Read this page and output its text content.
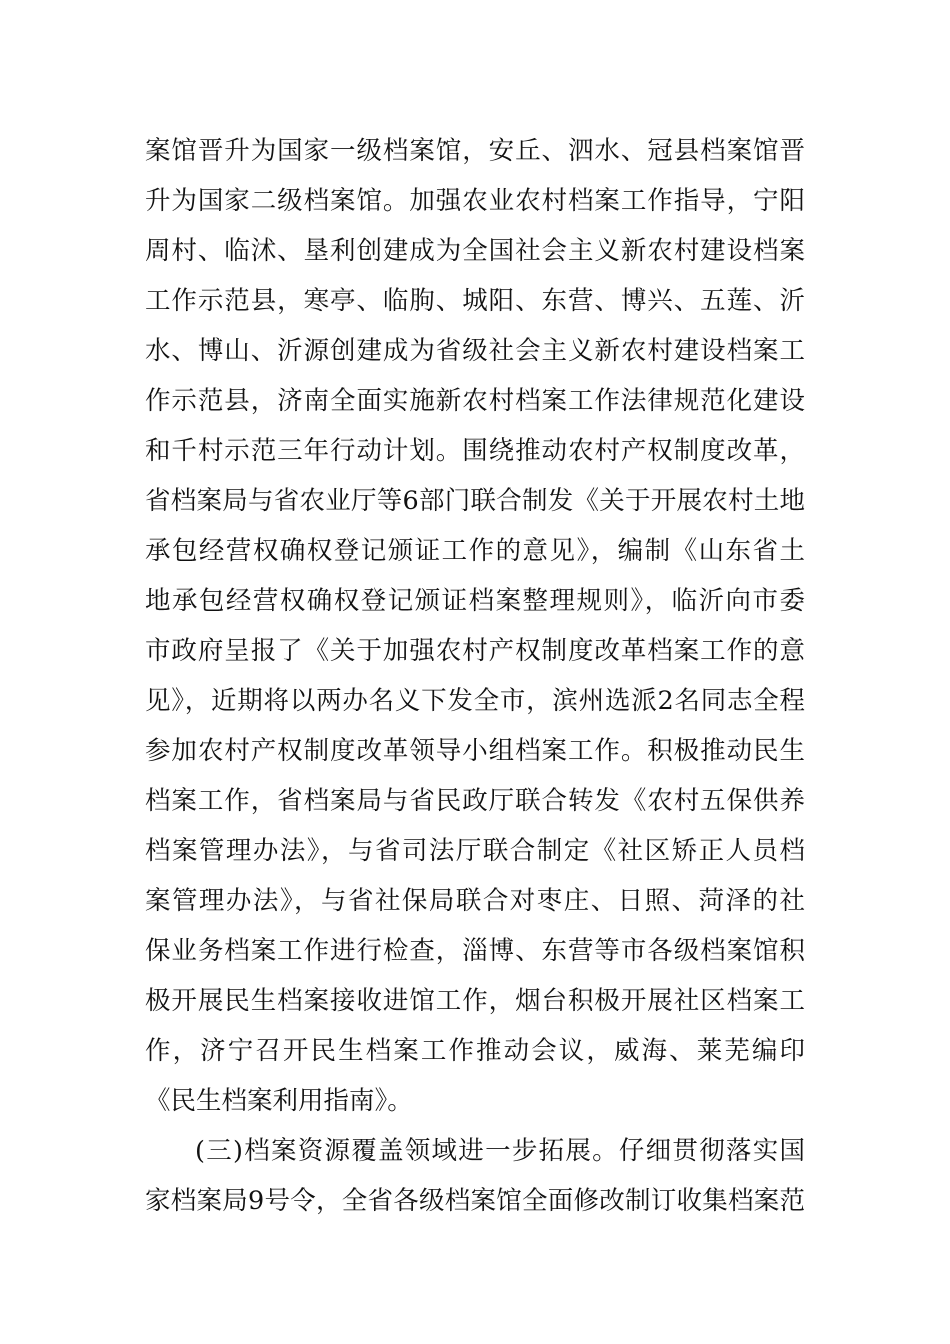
案馆晋升为国家一级档案馆，安丘、泗水、冠县档案馆晋
升为国家二级档案馆。加强农业农村档案工作指导，宁阳
周村、临沭、垦利创建成为全国社会主义新农村建设档案
工作示范县，寒亭、临朐、城阳、东营、博兴、五莲、沂
水、博山、沂源创建成为省级社会主义新农村建设档案工
作示范县，济南全面实施新农村档案工作法律规范化建设
和千村示范三年行动计划。围绕推动农村产权制度改革，
省档案局与省农业厅等6部门联合制发《关于开展农村土地
承包经营权确权登记颁证工作的意见》，编制《山东省土
地承包经营权确权登记颁证档案整理规则》，临沂向市委
市政府呈报了《关于加强农村产权制度改革档案工作的意
见》，近期将以两办名义下发全市，滨州选派2名同志全程
参加农村产权制度改革领导小组档案工作。积极推动民生
档案工作，省档案局与省民政厅联合转发《农村五保供养
档案管理办法》，与省司法厅联合制定《社区矫正人员档
案管理办法》，与省社保局联合对枣庄、日照、菏泽的社
保业务档案工作进行检查，淄博、东营等市各级档案馆积
极开展民生档案接收进馆工作，烟台积极开展社区档案工
作，济宁召开民生档案工作推动会议，威海、莱芜编印
《民生档案利用指南》。
(三)档案资源覆盖领域进一步拓展。仔细贯彻落实国
家档案局9号令，全省各级档案馆全面修改制订收集档案范
